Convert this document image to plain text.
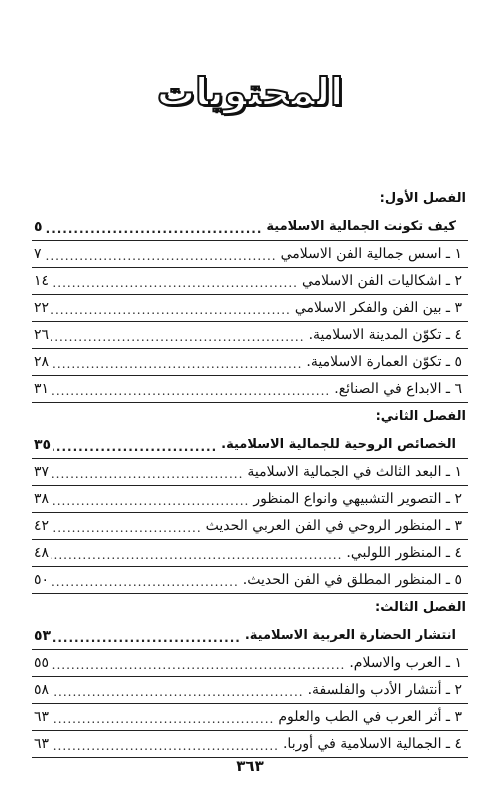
المحتويات
الفصل الأول:
كيف تكونت الجمالية الاسلامية
.....
٥
١ ـ اسس جمالية الفن الاسلامي
.....
٧
٢ ـ اشكاليات الفن الاسلامي
.....
١٤
٣ ـ بين الفن والفكر الاسلامي
.....
٢٢
٤ ـ تكوّن المدينة الاسلامية.
.....
٢٦
٥ ـ تكوّن العمارة الاسلامية.
.....
٢٨
٦ ـ الابداع في الصنائع.
.....
٣١
الفصل الثاني:
الخصائص الروحية للجمالية الاسلامية.
.....
٣٥
١ ـ البعد الثالث في الجمالية الاسلامية
.....
٣٧
٢ ـ التصوير التشبيهي وانواع المنظور
.....
٣٨
٣ ـ المنظور الروحي في الفن العربي الحديث
.....
٤٢
٤ ـ المنظور اللولبي.
.....
٤٨
٥ ـ المنظور المطلق في الفن الحديث.
.....
٥٠
الفصل الثالث:
انتشار الحضارة العربية الاسلامية.
.....
٥٣
١ ـ العرب والاسلام.
.....
٥٥
٢ ـ أنتشار الأدب والفلسفة.
.....
٥٨
٣ ـ أثر العرب في الطب والعلوم
.....
٦٣
٤ ـ الجمالية الاسلامية في أوربا.
.....
٦٣
٣٦٣
